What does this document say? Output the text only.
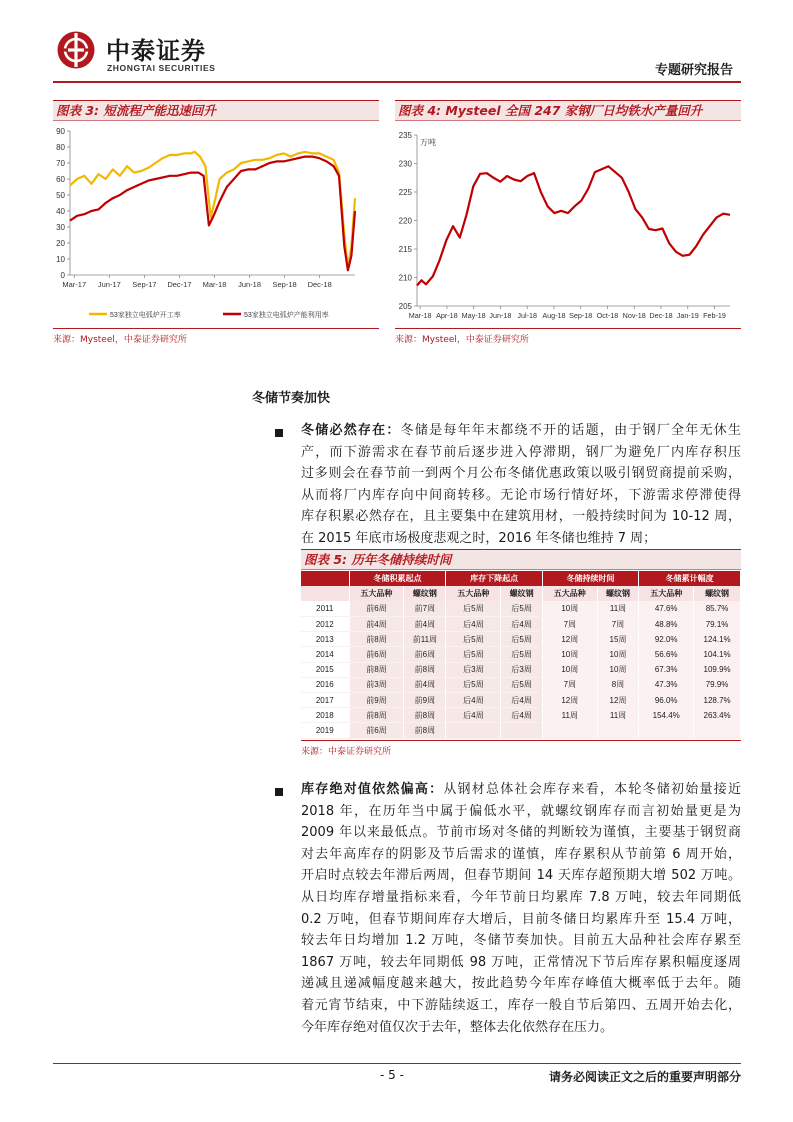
中泰证券
ZHONGTAI SECURITIES	专题研究报告
图表 3: 短流程产能迅速回升
0
10
20
30
40
50
60
70
80
90
Mar-17 Jun-17 Sep-17 Dec-17 Mar-18 Jun-18 Sep-18 Dec-18
53家独立电弧炉开工率	53家独立电弧炉产能利用率
来源：Mysteel，中泰证券研究所
图表 4: Mysteel 全国 247 家钢厂日均铁水产量回升
205
210
215
220
225
230
235
Mar-18 Apr-18 May-18 Jun-18 Jul-18 Aug-18 Sep-18 Oct-18 Nov-18 Dec-18 Jan-19 Feb-19
万吨
来源：Mysteel，中泰证券研究所
冬储节奏加快
冬储必然存在：冬储是每年年末都绕不开的话题，由于钢厂全年无休生
产，而下游需求在春节前后逐步进入停滞期，钢厂为避免厂内库存积压
过多则会在春节前一到两个月公布冬储优惠政策以吸引钢贸商提前采购，
从而将厂内库存向中间商转移。无论市场行情好坏，下游需求停滞使得
库存积累必然存在，且主要集中在建筑用材，一般持续时间为 10-12 周，
在 2015 年底市场极度悲观之时，2016 年冬储也维持 7 周；
图表 5: 历年冬储持续时间
	冬储积累起点		库存下降起点		冬储持续时间		冬储累计幅度	
	五大品种	螺纹钢	五大品种	螺纹钢	五大品种	螺纹钢	五大品种	螺纹钢
2011	前6周	前7周	后5周	后5周	10周	11周	47.6%	85.7%
2012	前4周	前4周	后4周	后4周	7周	7周	48.8%	79.1%
2013	前8周	前11周	后5周	后5周	12周	15周	92.0%	124.1%
2014	前6周	前6周	后5周	后5周	10周	10周	56.6%	104.1%
2015	前8周	前8周	后3周	后3周	10周	10周	67.3%	109.9%
2016	前3周	前4周	后5周	后5周	7周	8周	47.3%	79.9%
2017	前9周	前9周	后4周	后4周	12周	12周	96.0%	128.7%
2018	前8周	前8周	后4周	后4周	11周	11周	154.4%	263.4%
2019	前6周	前8周						
来源：中泰证券研究所
库存绝对值依然偏高：从钢材总体社会库存来看，本轮冬储初始量接近
2018 年，在历年当中属于偏低水平，就螺纹钢库存而言初始量更是为
2009 年以来最低点。节前市场对冬储的判断较为谨慎，主要基于钢贸商
对去年高库存的阴影及节后需求的谨慎，库存累积从节前第 6 周开始，
开启时点较去年滞后两周，但春节期间 14 天库存超预期大增 502 万吨。
从日均库存增量指标来看，今年节前日均累库 7.8 万吨，较去年同期低
0.2 万吨，但春节期间库存大增后，目前冬储日均累库升至 15.4 万吨，
较去年日均增加 1.2 万吨，冬储节奏加快。目前五大品种社会库存累至
1867 万吨，较去年同期低 98 万吨，正常情况下节后库存累积幅度逐周
递减且递减幅度越来越大，按此趋势今年库存峰值大概率低于去年。随
着元宵节结束，中下游陆续返工，库存一般自节后第四、五周开始去化，
今年库存绝对值仅次于去年，整体去化依然存在压力。
- 5 -	请务必阅读正文之后的重要声明部分
